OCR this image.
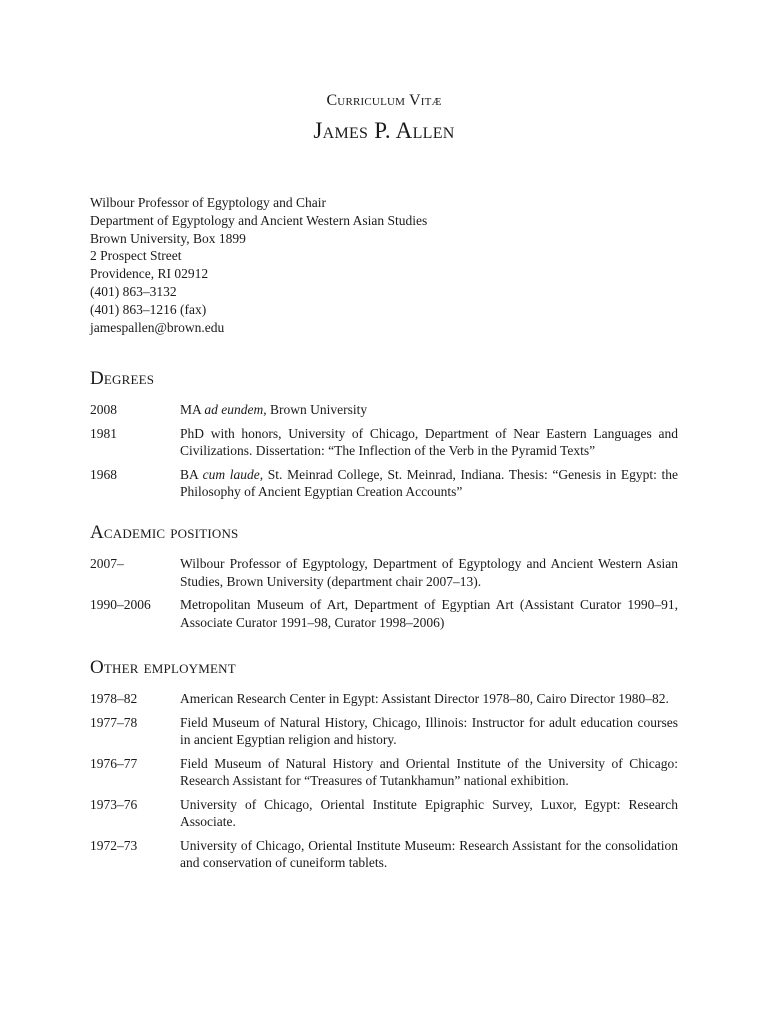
Curriculum Vitæ
James P. Allen
Wilbour Professor of Egyptology and Chair
Department of Egyptology and Ancient Western Asian Studies
Brown University, Box 1899
2 Prospect Street
Providence, RI 02912
(401) 863–3132
(401) 863–1216 (fax)
jamespallen@brown.edu
Degrees
2008	MA ad eundem, Brown University
1981	PhD with honors, University of Chicago, Department of Near Eastern Languages and Civilizations. Dissertation: “The Inflection of the Verb in the Pyramid Texts”
1968	BA cum laude, St. Meinrad College, St. Meinrad, Indiana. Thesis: “Genesis in Egypt: the Philosophy of Ancient Egyptian Creation Accounts”
Academic positions
2007–	Wilbour Professor of Egyptology, Department of Egyptology and Ancient Western Asian Studies, Brown University (department chair 2007–13).
1990–2006	Metropolitan Museum of Art, Department of Egyptian Art (Assistant Curator 1990–91, Associate Curator 1991–98, Curator 1998–2006)
Other employment
1978–82	American Research Center in Egypt: Assistant Director 1978–80, Cairo Director 1980–82.
1977–78	Field Museum of Natural History, Chicago, Illinois: Instructor for adult education courses in ancient Egyptian religion and history.
1976–77	Field Museum of Natural History and Oriental Institute of the University of Chicago: Research Assistant for “Treasures of Tutankhamun” national exhibition.
1973–76	University of Chicago, Oriental Institute Epigraphic Survey, Luxor, Egypt: Research Associate.
1972–73	University of Chicago, Oriental Institute Museum: Research Assistant for the consolidation and conservation of cuneiform tablets.
